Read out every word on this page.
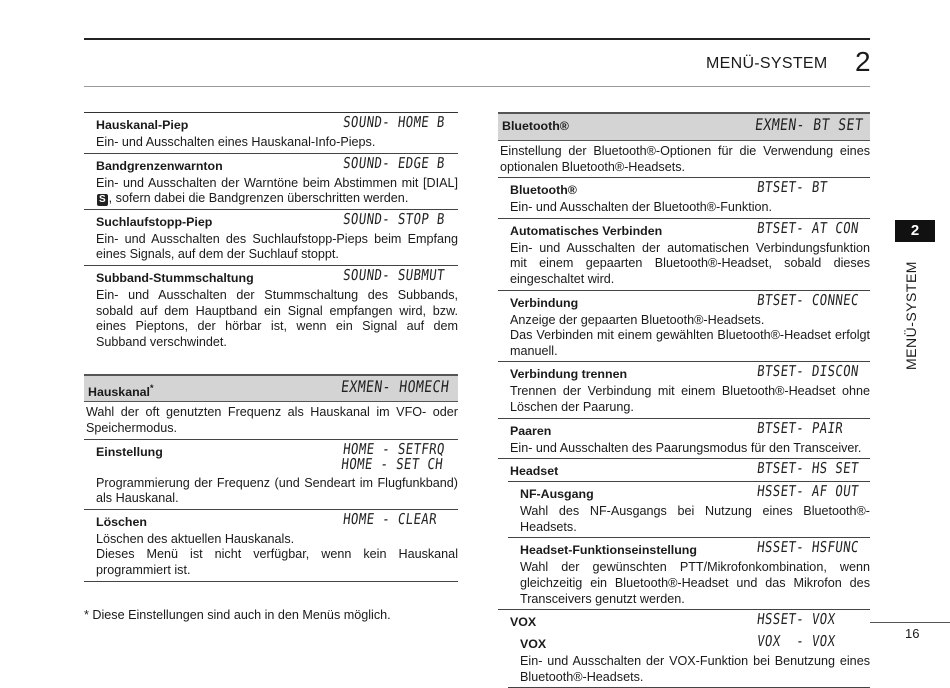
MENÜ-SYSTEM 2
Hauskanal-Piep	SOUND- HOME B
Ein- und Ausschalten eines Hauskanal-Info-Pieps.
Bandgrenzenwarnton	SOUND- EDGE B
Ein- und Ausschalten der Warntöne beim Abstimmen mit [DIAL]S , sofern dabei die Bandgrenzen überschritten werden.
Suchlaufstopp-Piep	SOUND- STOP B
Ein- und Ausschalten des Suchlaufstopp-Pieps beim Empfang eines Signals, auf dem der Suchlauf stoppt.
Subband-Stummschaltung	SOUND- SUBMUT
Ein- und Ausschalten der Stummschaltung des Subbands, sobald auf dem Hauptband ein Signal empfangen wird, bzw. eines Pieptons, der hörbar ist, wenn ein Signal auf dem Subband verschwindet.
Hauskanal*	EXMEN- HOMECH
Wahl der oft genutzten Frequenz als Hauskanal im VFO- oder Speichermodus.
Einstellung	HOME - SETFRQ
HOME - SET CH
Programmierung der Frequenz (und Sendeart im Flugfunkband) als Hauskanal.
Löschen	HOME - CLEAR
Löschen des aktuellen Hauskanals.
Dieses Menü ist nicht verfügbar, wenn kein Hauskanal programmiert ist.
* Diese Einstellungen sind auch in den Menüs möglich.
Bluetooth®	EXMEN- BT SET
Einstellung der Bluetooth®-Optionen für die Verwendung eines optionalen Bluetooth®-Headsets.
Bluetooth®	BTSET- BT
Ein- und Ausschalten der Bluetooth®-Funktion.
Automatisches Verbinden	BTSET- AT CON
Ein- und Ausschalten der automatischen Verbindungsfunktion mit einem gepaarten Bluetooth®-Headset, sobald dieses eingeschaltet wird.
Verbindung	BTSET- CONNEC
Anzeige der gepaarten Bluetooth®-Headsets.
Das Verbinden mit einem gewählten Bluetooth®-Headset erfolgt manuell.
Verbindung trennen	BTSET- DISCON
Trennen der Verbindung mit einem Bluetooth®-Headset ohne Löschen der Paarung.
Paaren	BTSET- PAIR
Ein- und Ausschalten des Paarungsmodus für den Transceiver.
Headset	BTSET- HS SET
NF-Ausgang	HSSET- AF OUT
Wahl des NF-Ausgangs bei Nutzung eines Bluetooth®-Headsets.
Headset-Funktionseinstellung	HSSET- HSFUNC
Wahl der gewünschten PTT/Mikrofonkombination, wenn gleichzeitig ein Bluetooth®-Headset und das Mikrofon des Transceivers genutzt werden.
VOX	HSSET- VOX
VOX	VOX  - VOX
Ein- und Ausschalten der VOX-Funktion bei Benutzung eines Bluetooth®-Headsets.
2
MENÜ-SYSTEM
16
